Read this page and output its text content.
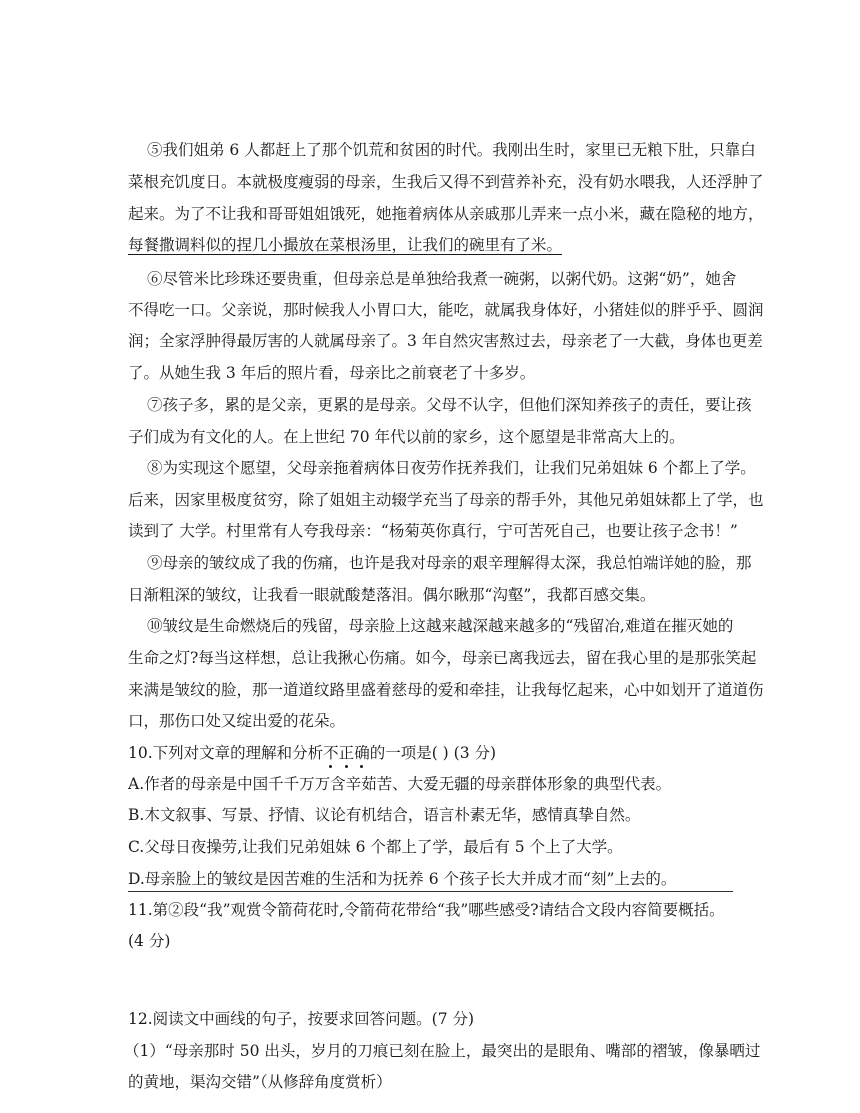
⑤我们姐弟 6 人都赶上了那个饥荒和贫困的时代。我刚出生时，家里已无粮下肚，只靠白
菜根充饥度日。本就极度瘦弱的母亲，生我后又得不到营养补充，没有奶水喂我，人还浮肿了
起来。为了不让我和哥哥姐姐饿死，她拖着病体从亲戚那儿弄来一点小米，藏在隐秘的地方，
每餐撒调料似的捏几小撮放在菜根汤里，让我们的碗里有了米。
⑥尽管米比珍珠还要贵重，但母亲总是单独给我煮一碗粥，以粥代奶。这粥“奶”，她舍
不得吃一口。父亲说，那时候我人小胃口大，能吃，就属我身体好，小猪娃似的胖乎乎、圆润
润；全家浮肿得最厉害的人就属母亲了。3 年自然灾害熬过去，母亲老了一大截，身体也更差
了。从她生我 3 年后的照片看，母亲比之前衰老了十多岁。
⑦孩子多，累的是父亲，更累的是母亲。父母不认字，但他们深知养孩子的责任，要让孩
子们成为有文化的人。在上世纪 70 年代以前的家乡，这个愿望是非常高大上的。
⑧为实现这个愿望，父母亲拖着病体日夜劳作抚养我们，让我们兄弟姐妹 6 个都上了学。
后来，因家里极度贫穷，除了姐姐主动辍学充当了母亲的帮手外，其他兄弟姐妹都上了学，也
读到了 大学。村里常有人夸我母亲：“杨菊英你真行，宁可苦死自己，也要让孩子念书！”
⑨母亲的皱纹成了我的伤痛，也许是我对母亲的艰辛理解得太深，我总怕端详她的脸，那
日渐粗深的皱纹，让我看一眼就酸楚落泪。偶尔瞅那“沟壑”，我都百感交集。
⑩皱纹是生命燃烧后的残留，母亲脸上这越来越深越来越多的“残留冶,难道在摧灭她的
生命之灯?每当这样想，总让我揪心伤痛。如今，母亲已离我远去，留在我心里的是那张笑起
来满是皱纹的脸，那一道道纹路里盛着慈母的爱和牵挂，让我每忆起来，心中如划开了道道伤
口，那伤口处又绽出爱的花朵。
10.下列对文章的理解和分析不正确的一项是( ) (3 分)
A.作者的母亲是中国千千万万含辛茹苦、大爱无疆的母亲群体形象的典型代表。
B.木文叙事、写景、抒情、议论有机结合，语言朴素无华，感情真挚自然。
C.父母日夜操劳,让我们兄弟姐妹 6 个都上了学，最后有 5 个上了大学。
D.母亲脸上的皱纹是因苦难的生活和为抚养 6 个孩子长大并成才而“刻”上去的。
11.第②段“我”观赏令箭荷花时,令箭荷花带给“我”哪些感受?请结合文段内容简要概括。
(4 分)
12.阅读文中画线的句子，按要求回答问题。(7 分)
（1）“母亲那时 50 出头，岁月的刀痕已刻在脸上，最突出的是眼角、嘴部的褶皱，像暴晒过
的黄地，渠沟交错”（从修辞角度赏析）
